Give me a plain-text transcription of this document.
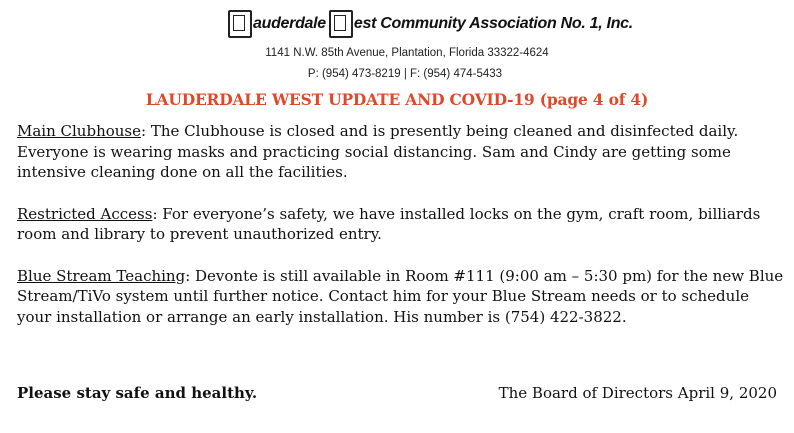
auderdale est Community Association No. 1, Inc.
1141 N.W. 85th Avenue, Plantation, Florida 33322-4624
P: (954) 473-8219 | F: (954) 474-5433
LAUDERDALE WEST UPDATE AND COVID-19 (page 4 of 4)

Main Clubhouse: The Clubhouse is closed and is presently being cleaned and disinfected daily. Everyone is wearing masks and practicing social distancing. Sam and Cindy are getting some intensive cleaning done on all the facilities.

Restricted Access: For everyone’s safety, we have installed locks on the gym, craft room, billiards room and library to prevent unauthorized entry.

Blue Stream Teaching: Devonte is still available in Room #111 (9:00 am – 5:30 pm) for the new Blue Stream/TiVo system until further notice. Contact him for your Blue Stream needs or to schedule your installation or arrange an early installation. His number is (754) 422-3822.

Please stay safe and healthy.	The Board of Directors April 9, 2020
